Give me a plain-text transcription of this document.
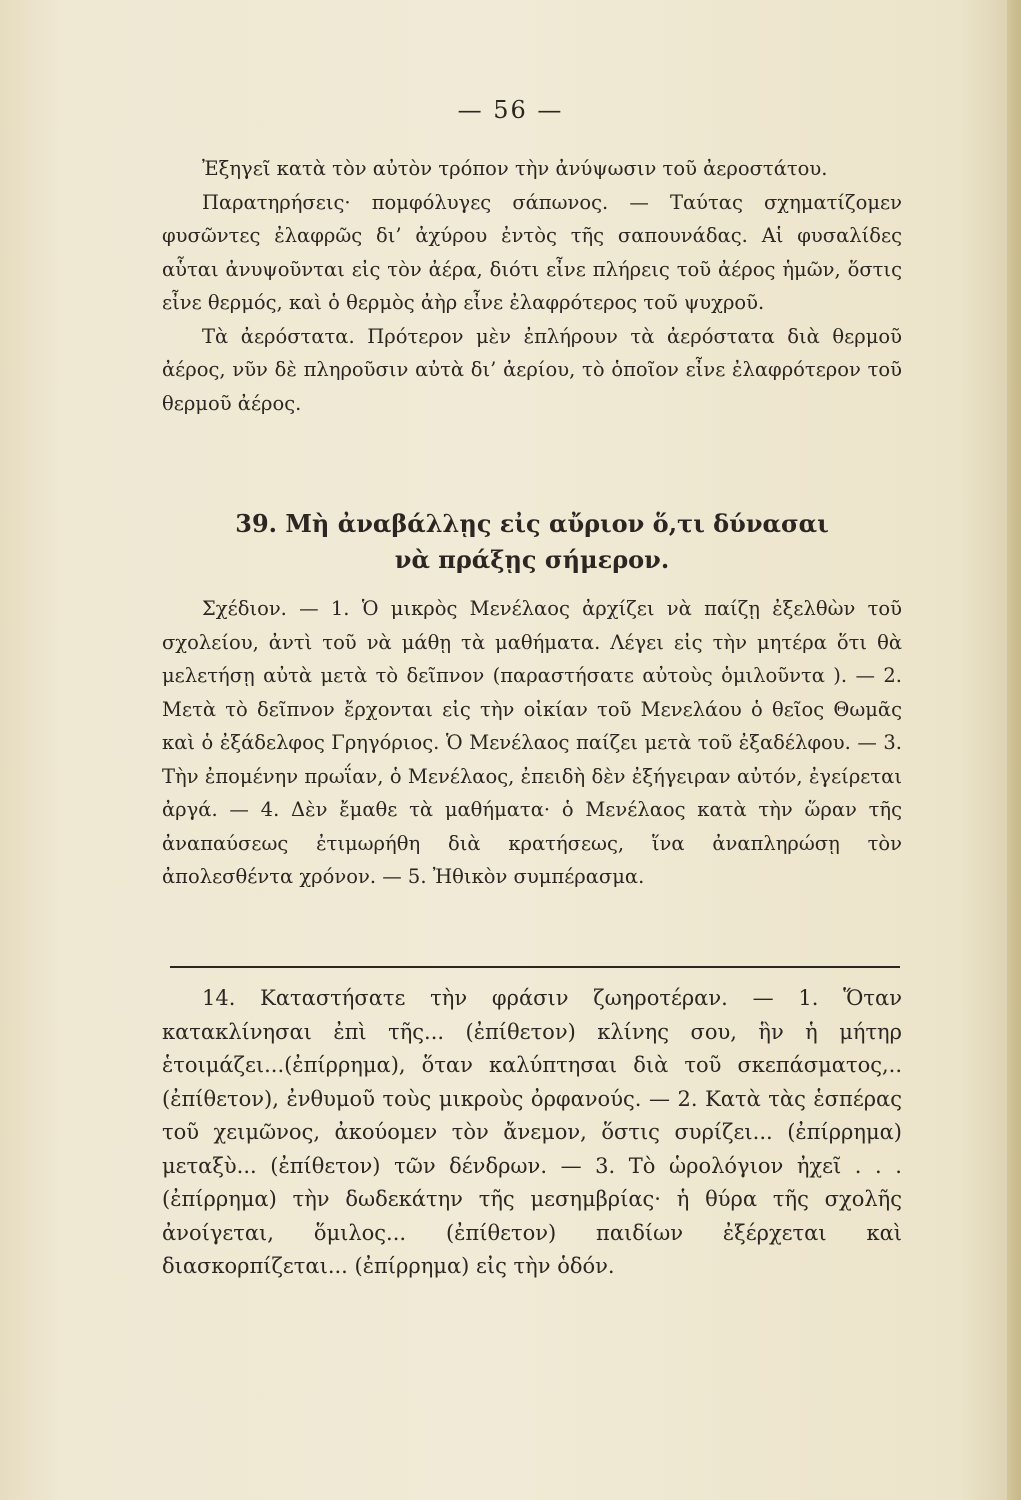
— 56 —

Ἐξηγεῖ κατὰ τὸν αὐτὸν τρόπον τὴν ἀνύψωσιν τοῦ ἀεροστάτου.

Παρατηρήσεις· πομφόλυγες σάπωνος. — Ταύτας σχηματίζομεν φυσῶντες ἐλαφρῶς δι’ ἀχύρου ἐντὸς τῆς σαπουνάδας. Αἱ φυσαλίδες αὗται ἀνυψοῦνται εἰς τὸν ἀέρα, διότι εἶνε πλήρεις τοῦ ἀέρος ἡμῶν, ὅστις εἶνε θερμός, καὶ ὁ θερμὸς ἀὴρ εἶνε ἐλαφρότερος τοῦ ψυχροῦ.

Τὰ ἀερόστατα. Πρότερον μὲν ἐπλήρουν τὰ ἀερόστατα διὰ θερμοῦ ἀέρος, νῦν δὲ πληροῦσιν αὐτὰ δι’ ἀερίου, τὸ ὁποῖον εἶνε ἐλαφρότερον τοῦ θερμοῦ ἀέρος.

39. Μὴ ἀναβάλλῃς εἰς αὔριον ὅ,τι δύνασαι
νὰ πράξῃς σήμερον.

Σχέδιον. — 1. Ὁ μικρὸς Μενέλαος ἀρχίζει νὰ παίζῃ ἐξελθὼν τοῦ σχολείου, ἀντὶ τοῦ νὰ μάθῃ τὰ μαθήματα. Λέγει εἰς τὴν μητέρα ὅτι θὰ μελετήσῃ αὐτὰ μετὰ τὸ δεῖπνον (παραστήσατε αὐτοὺς ὁμιλοῦντα ). — 2. Μετὰ τὸ δεῖπνον ἔρχονται εἰς τὴν οἰκίαν τοῦ Μενελάου ὁ θεῖος Θωμᾶς καὶ ὁ ἐξάδελφος Γρηγόριος. Ὁ Μενέλαος παίζει μετὰ τοῦ ἐξαδέλφου. — 3. Τὴν ἐπομένην πρωΐαν, ὁ Μενέλαος, ἐπειδὴ δὲν ἐξήγειραν αὐτόν, ἐγείρεται ἀργά. — 4. Δὲν ἔμαθε τὰ μαθήματα· ὁ Μενέλαος κατὰ τὴν ὥραν τῆς ἀναπαύσεως ἐτιμωρήθη διὰ κρατήσεως, ἵνα ἀναπληρώσῃ τὸν ἀπολεσθέντα χρόνον. — 5. Ἠθικὸν συμπέρασμα.

14. Καταστήσατε τὴν φράσιν ζωηροτέραν. — 1. Ὅταν κατακλίνησαι ἐπὶ τῆς... (ἐπίθετον) κλίνης σου, ἣν ἡ μήτηρ ἑτοιμάζει...(ἐπίρρημα), ὅταν καλύπτησαι διὰ τοῦ σκεπάσματος,.. (ἐπίθετον), ἐνθυμοῦ τοὺς μικροὺς ὀρφανούς. — 2. Κατὰ τὰς ἑσπέρας τοῦ χειμῶνος, ἀκούομεν τὸν ἄνεμον, ὅστις συρίζει... (ἐπίρρημα) μεταξὺ... (ἐπίθετον) τῶν δένδρων. — 3. Τὸ ὡρολόγιον ἠχεῖ . . . (ἐπίρρημα) τὴν δωδεκάτην τῆς μεσημβρίας· ἡ θύρα τῆς σχολῆς ἀνοίγεται, ὅμιλος... (ἐπίθετον) παιδίων ἐξέρχεται καὶ διασκορπίζεται... (ἐπίρρημα) εἰς τὴν ὁδόν.
